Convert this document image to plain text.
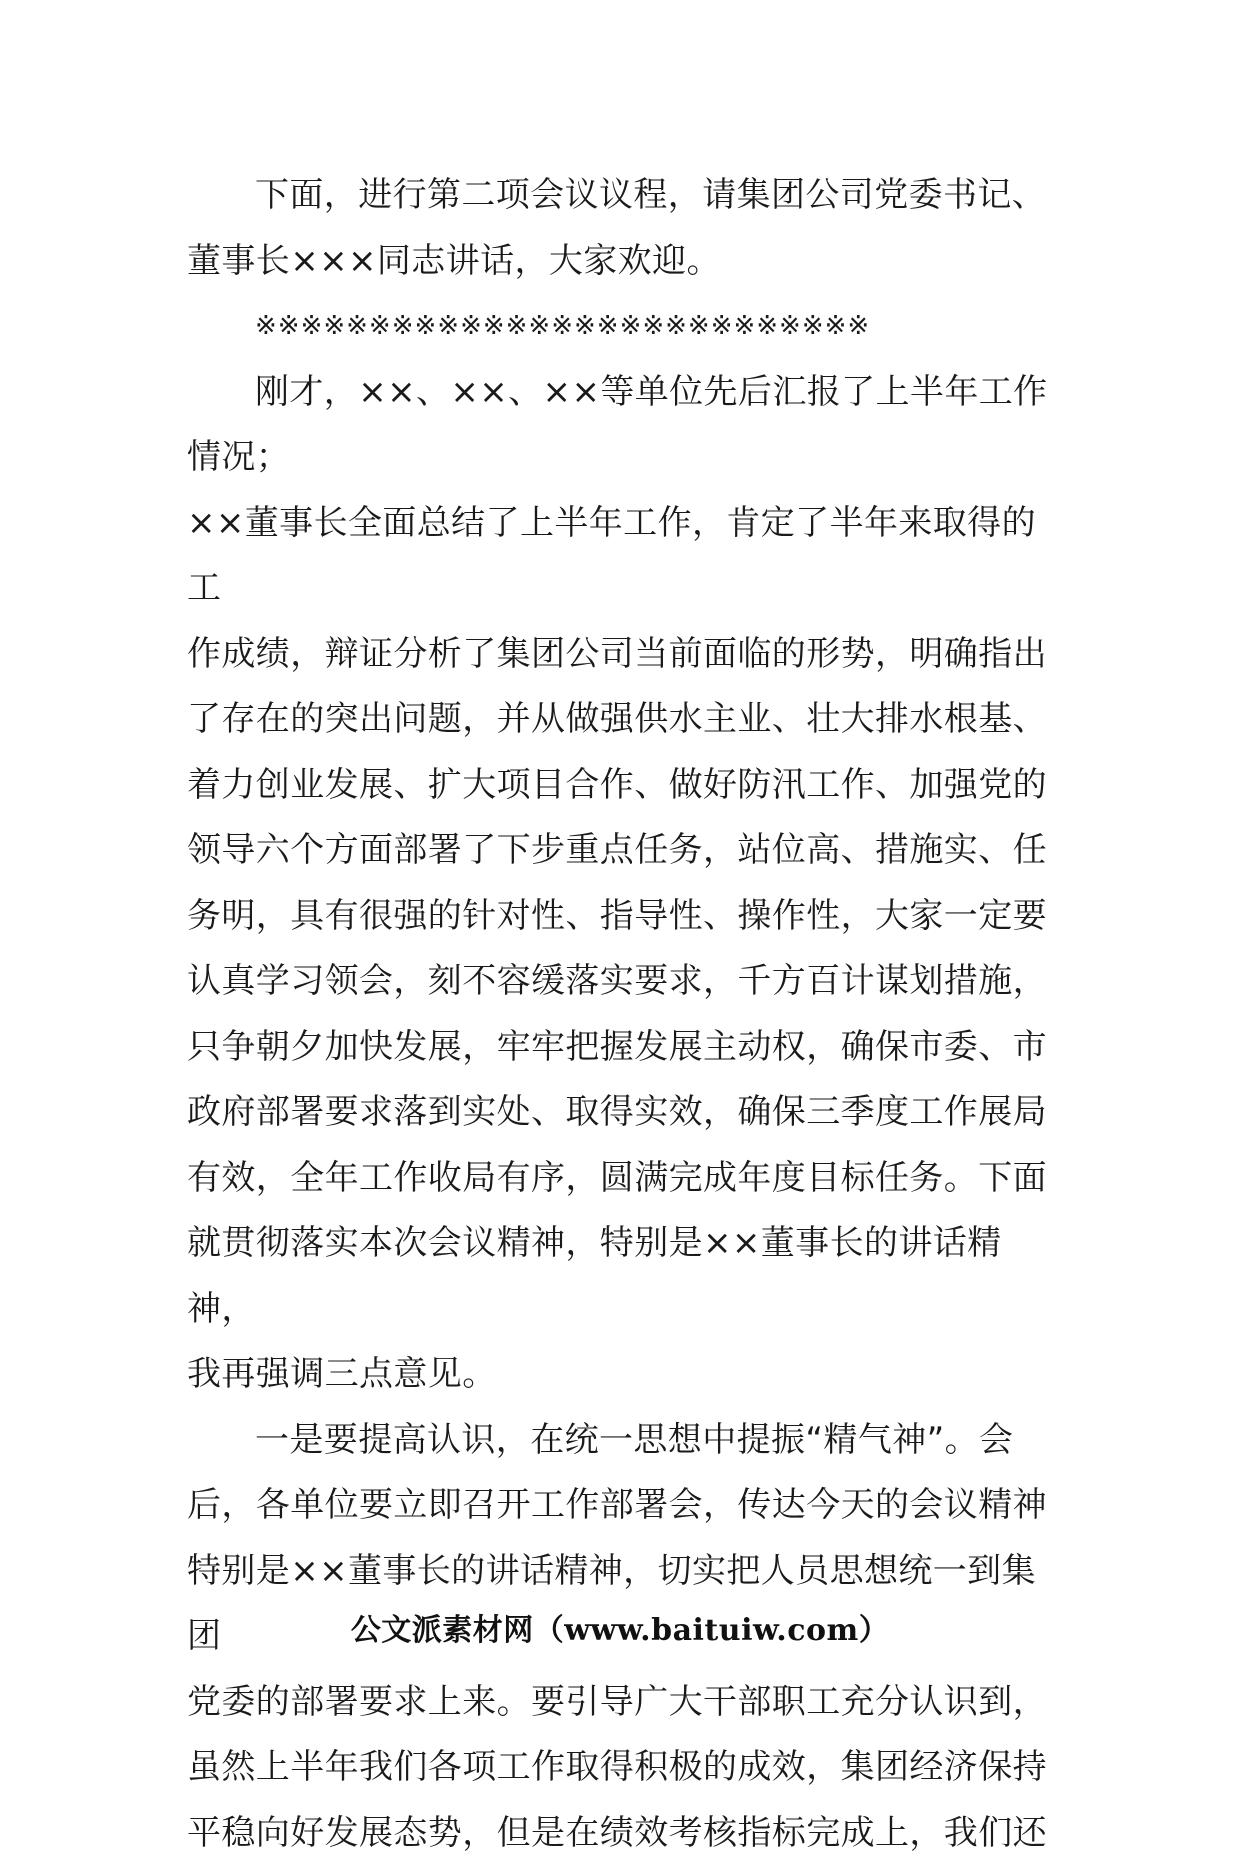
下面，进行第二项会议议程，请集团公司党委书记、
董事长×××同志讲话，大家欢迎。

※※※※※※※※※※※※※※※※※※※※※※※※※※※

刚才，××、××、××等单位先后汇报了上半年工作情况；
××董事长全面总结了上半年工作，肯定了半年来取得的工
作成绩，辩证分析了集团公司当前面临的形势，明确指出
了存在的突出问题，并从做强供水主业、壮大排水根基、
着力创业发展、扩大项目合作、做好防汛工作、加强党的
领导六个方面部署了下步重点任务，站位高、措施实、任
务明，具有很强的针对性、指导性、操作性，大家一定要
认真学习领会，刻不容缓落实要求，千方百计谋划措施，
只争朝夕加快发展，牢牢把握发展主动权，确保市委、市
政府部署要求落到实处、取得实效，确保三季度工作展局
有效，全年工作收局有序，圆满完成年度目标任务。下面
就贯彻落实本次会议精神，特别是××董事长的讲话精神，
我再强调三点意见。

一是要提高认识，在统一思想中提振“精气神”。会
后，各单位要立即召开工作部署会，传达今天的会议精神
特别是××董事长的讲话精神，切实把人员思想统一到集团
党委的部署要求上来。要引导广大干部职工充分认识到，
虽然上半年我们各项工作取得积极的成效，集团经济保持
平稳向好发展态势，但是在绩效考核指标完成上，我们还

公文派素材网（www.baituiw.com）
